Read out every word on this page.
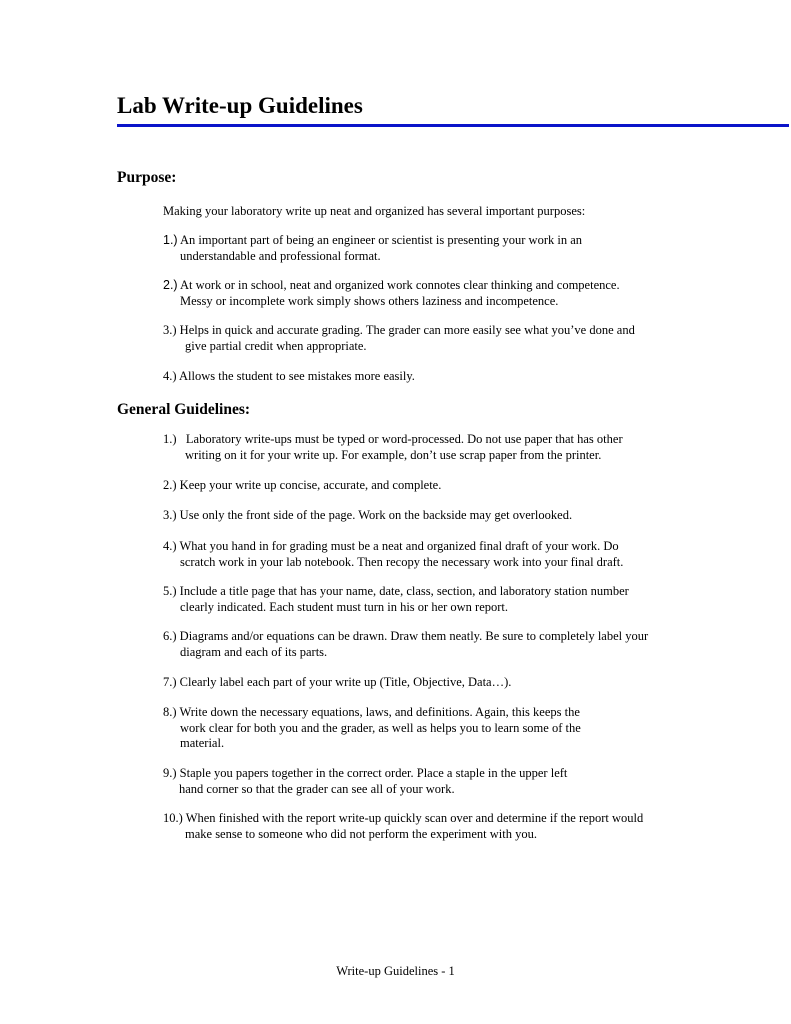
Lab Write-up Guidelines
Purpose:

Making your laboratory write up neat and organized has several important purposes:

1.) An important part of being an engineer or scientist is presenting your work in an
understandable and professional format.
2.) At work or in school, neat and organized work connotes clear thinking and competence.
Messy or incomplete work simply shows others laziness and incompetence.
3.) Helps in quick and accurate grading. The grader can more easily see what you’ve done and
give partial credit when appropriate.
4.) Allows the student to see mistakes more easily.
General Guidelines:
1.) Laboratory write-ups must be typed or word-processed. Do not use paper that has other
writing on it for your write up. For example, don’t use scrap paper from the printer.
2.) Keep your write up concise, accurate, and complete.
3.) Use only the front side of the page. Work on the backside may get overlooked.
4.) What you hand in for grading must be a neat and organized final draft of your work. Do
scratch work in your lab notebook. Then recopy the necessary work into your final draft.
5.) Include a title page that has your name, date, class, section, and laboratory station number
clearly indicated. Each student must turn in his or her own report.
6.) Diagrams and/or equations can be drawn. Draw them neatly. Be sure to completely label your
diagram and each of its parts.
7.) Clearly label each part of your write up (Title, Objective, Data…).
8.) Write down the necessary equations, laws, and definitions. Again, this keeps the
work clear for both you and the grader, as well as helps you to learn some of the
material.
9.) Staple you papers together in the correct order. Place a staple in the upper left
hand corner so that the grader can see all of your work.
10.) When finished with the report write-up quickly scan over and determine if the report would
make sense to someone who did not perform the experiment with you.

Write-up Guidelines - 1
